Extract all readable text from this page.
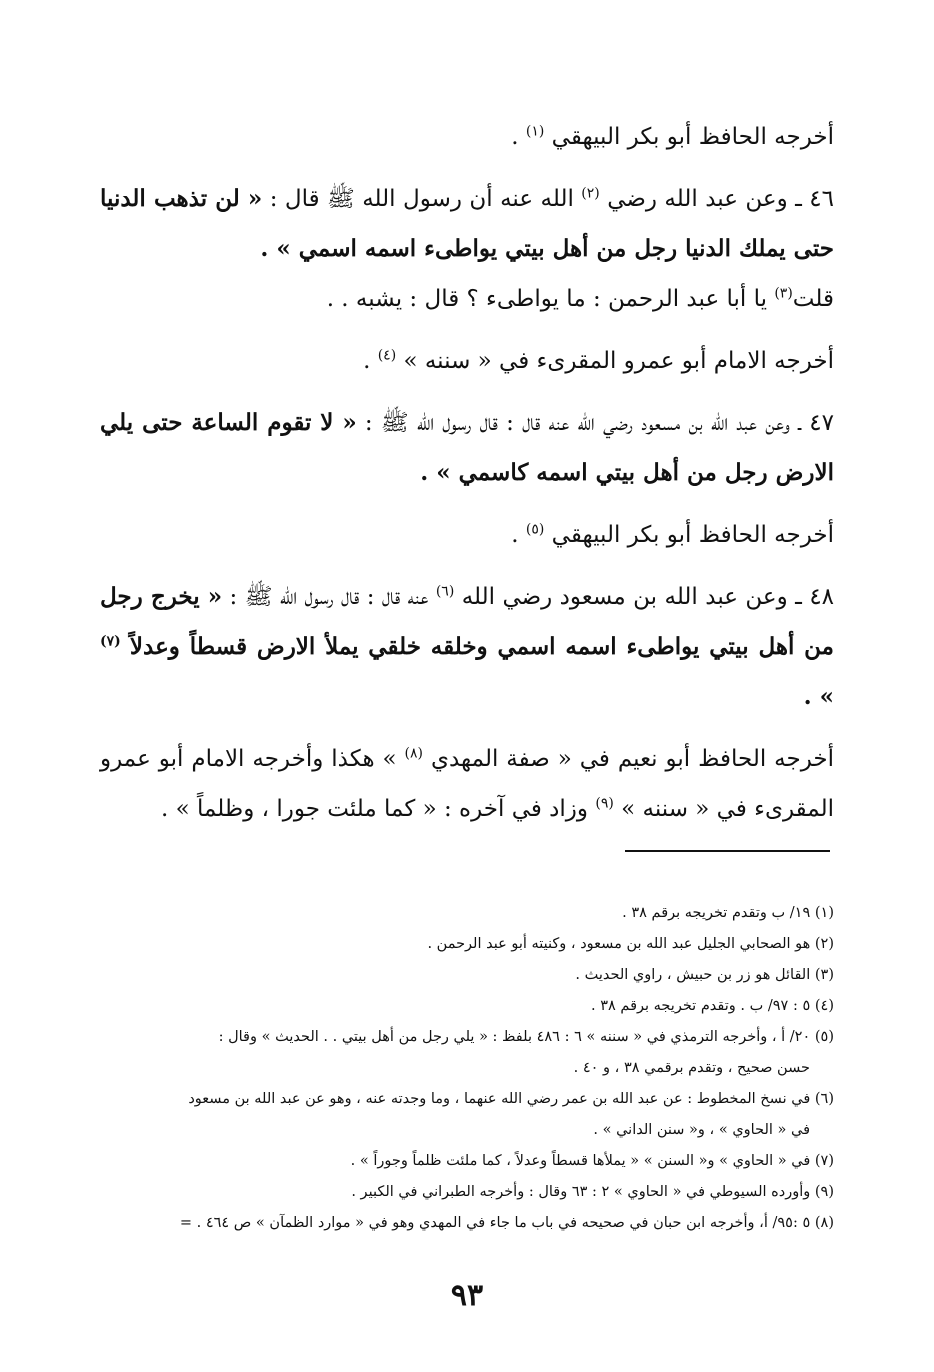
أخرجه الحافظ أبو بكر البيهقي $^{(١)}$ .

٤٦ ـ وعن عبد الله رضي $^{(٢)}$ الله عنه أن رسول الله ﷺ قال : « لن تذهب الدنيا حتى يملك الدنيا رجل من أهل بيتي يواطىء اسمه اسمي » .
قلت$^{(٣)}$ يا أبا عبد الرحمن : ما يواطىء ؟ قال : يشبه . .

أخرجه الامام أبو عمرو المقرىء في « سننه » $^{(٤)}$ .

٤٧ ـ وعن عبد الله بن مسعود رضي الله عنه قال : قال رسول الله ﷺ : « لا تقوم الساعة حتى يلي الارض رجل من أهل بيتي اسمه كاسمي » .

أخرجه الحافظ أبو بكر البيهقي $^{(٥)}$ .

٤٨ ـ وعن عبد الله بن مسعود رضي الله $^{(٦)}$ عنه قال : قال رسول الله ﷺ : « يخرج رجل من أهل بيتي يواطىء اسمه اسمي وخلقه خلقي يملأ الارض قسطاً وعدلاً $^{(٧)}$ » .

أخرجه الحافظ أبو نعيم في « صفة المهدي $^{(٨)}$ » هكذا وأخرجه الامام أبو عمرو المقرىء في « سننه » $^{(٩)}$ وزاد في آخره : « كما ملئت جورا ، وظلماً » .

(١) ١٩/ ب وتقدم تخريجه برقم ٣٨ .
(٢) هو الصحابي الجليل عبد الله بن مسعود ، وكنيته أبو عبد الرحمن .
(٣) القائل هو زر بن حبيش ، راوي الحديث .
(٤) ٥ : ٩٧/ ب . وتقدم تخريجه برقم ٣٨ .
(٥) ٢٠/ أ ، وأخرجه الترمذي في « سننه » ٦ : ٤٨٦ بلفظ : « يلي رجل من أهل بيتي . . الحديث » وقال :
حسن صحيح ، وتقدم برقمي ٣٨ ، و ٤٠ .
(٦) في نسخ المخطوط : عن عبد الله بن عمر رضي الله عنهما ، وما وجدته عنه ، وهو عن عبد الله بن مسعود
في « الحاوي » ، و« سنن الداني » .
(٧) في « الحاوي » و« السنن » « يملأها قسطاً وعدلاً ، كما ملئت ظلماً وجوراً » .
(٩) وأورده السيوطي في « الحاوي » ٢ : ٦٣ وقال : وأخرجه الطبراني في الكبير .
(٨) ٥ :٩٥/ أ، وأخرجه ابن حبان في صحيحه في باب ما جاء في المهدي وهو في « موارد الظمآن » ص ٤٦٤ . =
٩٣
